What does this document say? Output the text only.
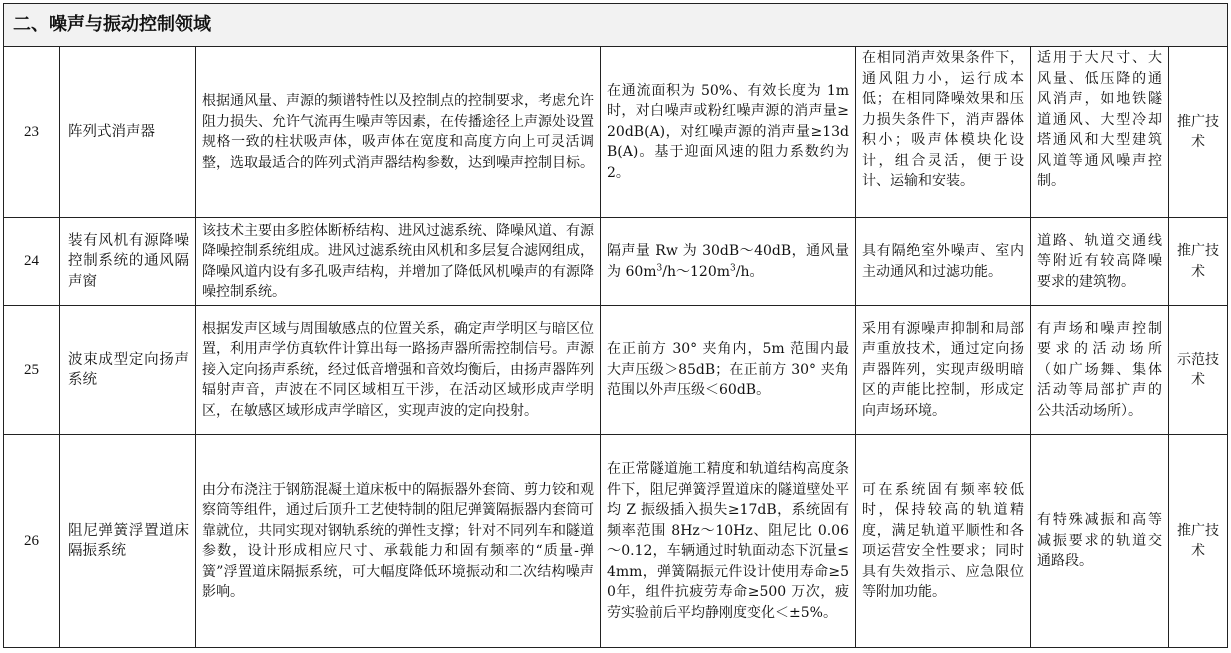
二、噪声与振动控制领域						
23	阵列式消声器	根据通风量、声源的频谱特性以及控制点的控制要求，考虑允许阻力损失、允许气流再生噪声等因素，在传播途径上声源处设置规格一致的柱状吸声体，吸声体在宽度和高度方向上可灵活调整，选取最适合的阵列式消声器结构参数，达到噪声控制目标。	在通流面积为 50%、有效长度为 1m 时，对白噪声或粉红噪声源的消声量≥20dB(A)，对红噪声源的消声量≥13dB(A)。基于迎面风速的阻力系数约为 2。	在相同消声效果条件下，通风阻力小，运行成本低；在相同降噪效果和压力损失条件下，消声器体积小；吸声体模块化设计，组合灵活，便于设计、运输和安装。	适用于大尺寸、大风量、低压降的通风消声，如地铁隧道通风、大型冷却塔通风和大型建筑风道等通风噪声控制。	推广技术
24	装有风机有源降噪控制系统的通风隔声窗	该技术主要由多腔体断桥结构、进风过滤系统、降噪风道、有源降噪控制系统组成。进风过滤系统由风机和多层复合滤网组成，降噪风道内设有多孔吸声结构，并增加了降低风机噪声的有源降噪控制系统。	隔声量 Rw 为 30dB～40dB，通风量为 $60m^3/h\sim 120m^3/h$。	具有隔绝室外噪声、室内主动通风和过滤功能。	道路、轨道交通线等附近有较高降噪要求的建筑物。	推广技术
25	波束成型定向扬声系统	根据发声区域与周围敏感点的位置关系，确定声学明区与暗区位置，利用声学仿真软件计算出每一路扬声器所需控制信号。声源接入定向扬声系统，经过低音增强和音效均衡后，由扬声器阵列辐射声音，声波在不同区域相互干涉，在活动区域形成声学明区，在敏感区域形成声学暗区，实现声波的定向投射。	在正前方 30° 夹角内，5m 范围内最大声压级＞85dB；在正前方 30° 夹角范围以外声压级＜60dB。	采用有源噪声抑制和局部声重放技术，通过定向扬声器阵列，实现声级明暗区的声能比控制，形成定向声场环境。	有声场和噪声控制要求的活动场所（如广场舞、集体活动等局部扩声的公共活动场所）。	示范技术
26	阻尼弹簧浮置道床隔振系统	由分布浇注于钢筋混凝土道床板中的隔振器外套筒、剪力铰和观察筒等组件，通过后顶升工艺使特制的阻尼弹簧隔振器内套筒可靠就位，共同实现对钢轨系统的弹性支撑；针对不同列车和隧道参数，设计形成相应尺寸、承载能力和固有频率的“质量-弹簧”浮置道床隔振系统，可大幅度降低环境振动和二次结构噪声影响。	在正常隧道施工精度和轨道结构高度条件下，阻尼弹簧浮置道床的隧道壁处平均 Z 振级插入损失≥17dB，系统固有频率范围 8Hz～10Hz、阻尼比 0.06～0.12，车辆通过时轨面动态下沉量≤4mm，弹簧隔振元件设计使用寿命≥50年，组件抗疲劳寿命≥500 万次，疲劳实验前后平均静刚度变化＜±5%。	可在系统固有频率较低时，保持较高的轨道精度，满足轨道平顺性和各项运营安全性要求；同时具有失效指示、应急限位等附加功能。	有特殊减振和高等减振要求的轨道交通路段。	推广技术
